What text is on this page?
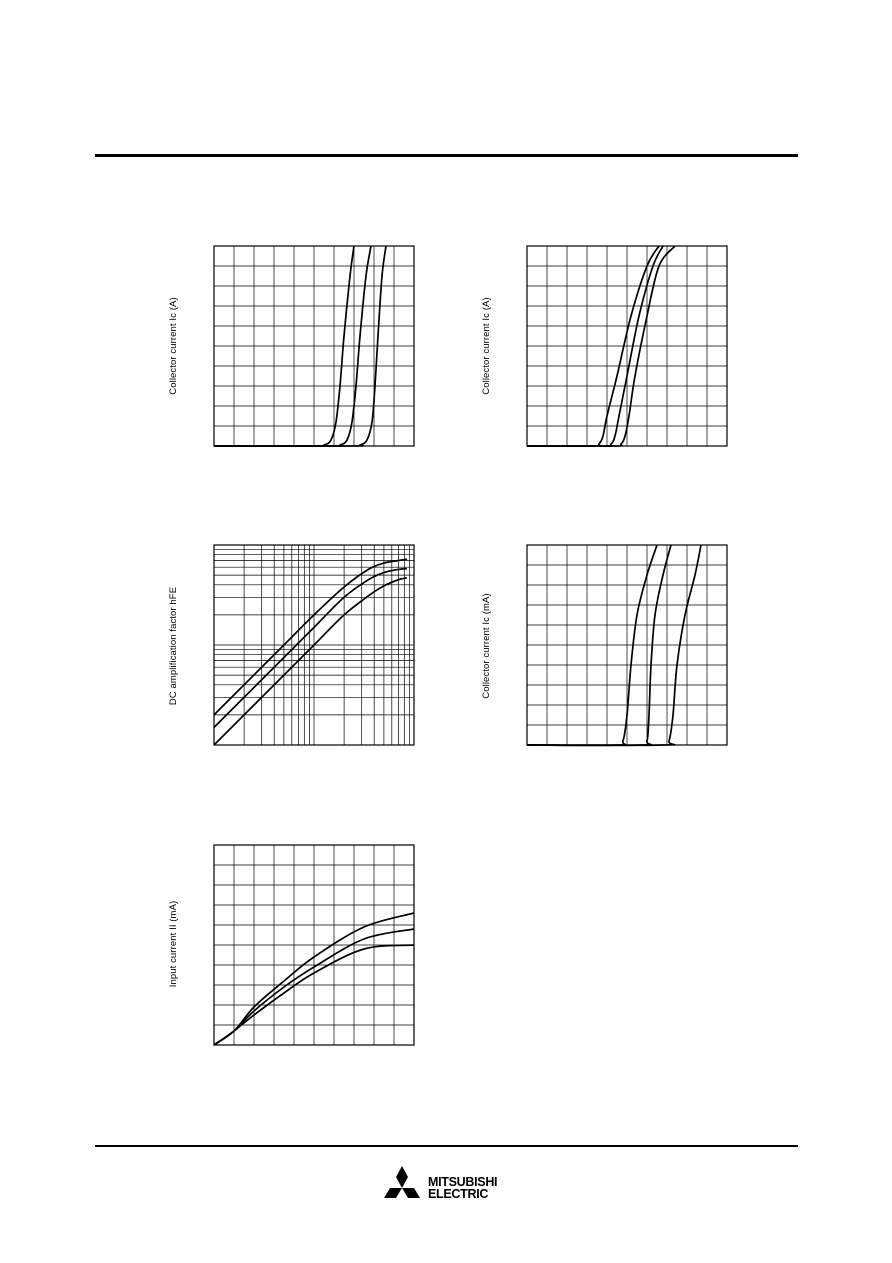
Collector current Ic (A)	Collector current Ic (A)
DC amplification factor hFE	Collector current Ic (mA)
Input current II (mA)
MITSUBISHI
ELECTRIC
